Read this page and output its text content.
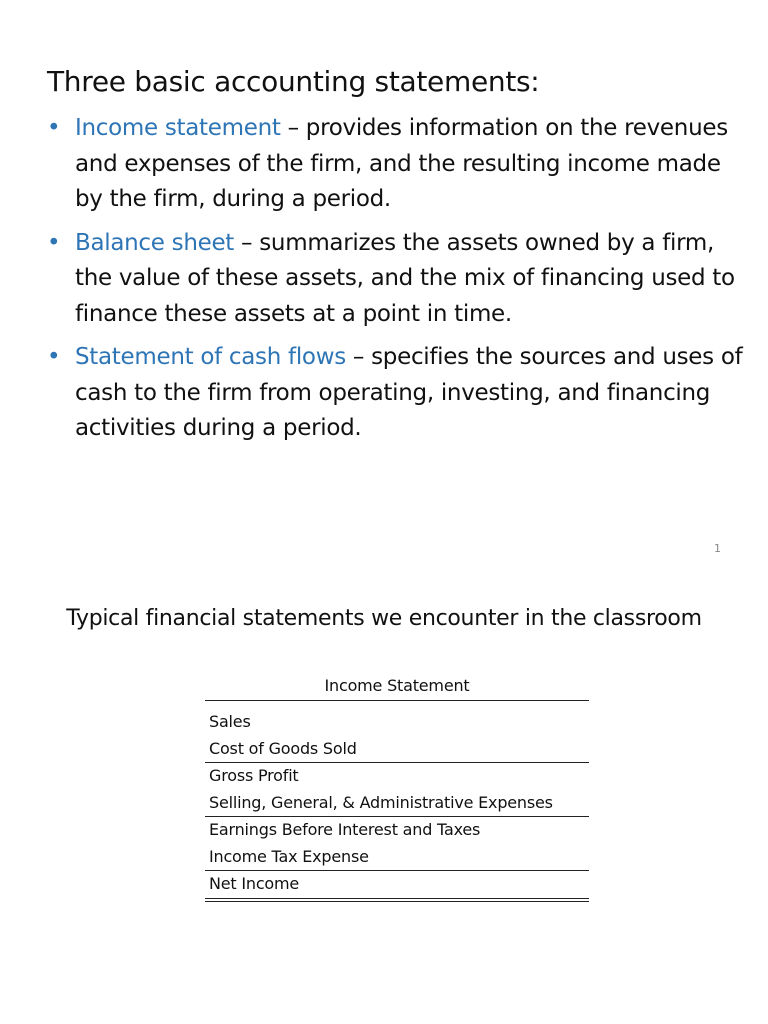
Three basic accounting statements:
• Income statement – provides information on the revenues and expenses of the firm, and the resulting income made by the firm, during a period.
• Balance sheet – summarizes the assets owned by a firm, the value of these assets, and the mix of financing used to finance these assets at a point in time.
• Statement of cash flows – specifies the sources and uses of cash to the firm from operating, investing, and financing activities during a period.
1
Typical financial statements we encounter in the classroom
Income Statement
Sales
Cost of Goods Sold
Gross Profit
Selling, General, & Administrative Expenses
Earnings Before Interest and Taxes
Income Tax Expense
Net Income
